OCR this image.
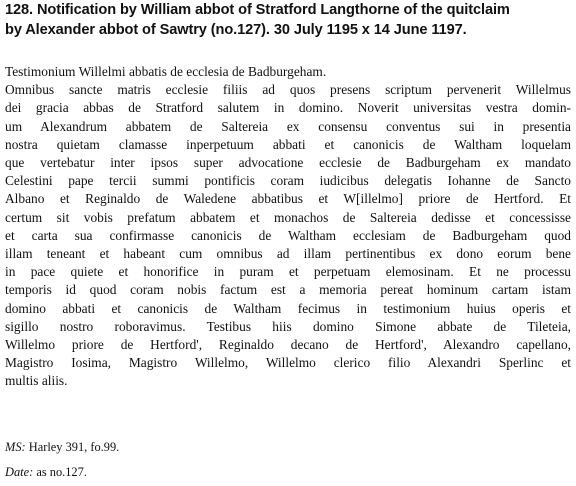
128. Notification by William abbot of Stratford Langthorne of the quitclaim
by Alexander abbot of Sawtry (no.127). 30 July 1195 x 14 June 1197.
Testimonium Willelmi abbatis de ecclesia de Badburgeham.
Omnibus sancte matris ecclesie filiis ad quos presens scriptum pervenerit Willelmus
dei gracia abbas de Stratford salutem in domino. Noverit universitas vestra domin-
um Alexandrum abbatem de Saltereia ex consensu conventus sui in presentia
nostra quietam clamasse inperpetuum abbati et canonicis de Waltham loquelam
que vertebatur inter ipsos super advocatione ecclesie de Badburgeham ex mandato
Celestini pape tercii summi pontificis coram iudicibus delegatis Iohanne de Sancto
Albano et Reginaldo de Waledene abbatibus et W[illelmo] priore de Hertford. Et
certum sit vobis prefatum abbatem et monachos de Saltereia dedisse et concessisse
et carta sua confirmasse canonicis de Waltham ecclesiam de Badburgeham quod
illam teneant et habeant cum omnibus ad illam pertinentibus ex dono eorum bene
in pace quiete et honorifice in puram et perpetuam elemosinam. Et ne processu
temporis id quod coram nobis factum est a memoria pereat hominum cartam istam
domino abbati et canonicis de Waltham fecimus in testimonium huius operis et
sigillo nostro roboravimus. Testibus hiis domino Simone abbate de Tileteia,
Willelmo priore de Hertford', Reginaldo decano de Hertford', Alexandro capellano,
Magistro Iosima, Magistro Willelmo, Willelmo clerico filio Alexandri Sperlinc et
multis aliis.

MS: Harley 391, fo.99.

Date: as no.127.
